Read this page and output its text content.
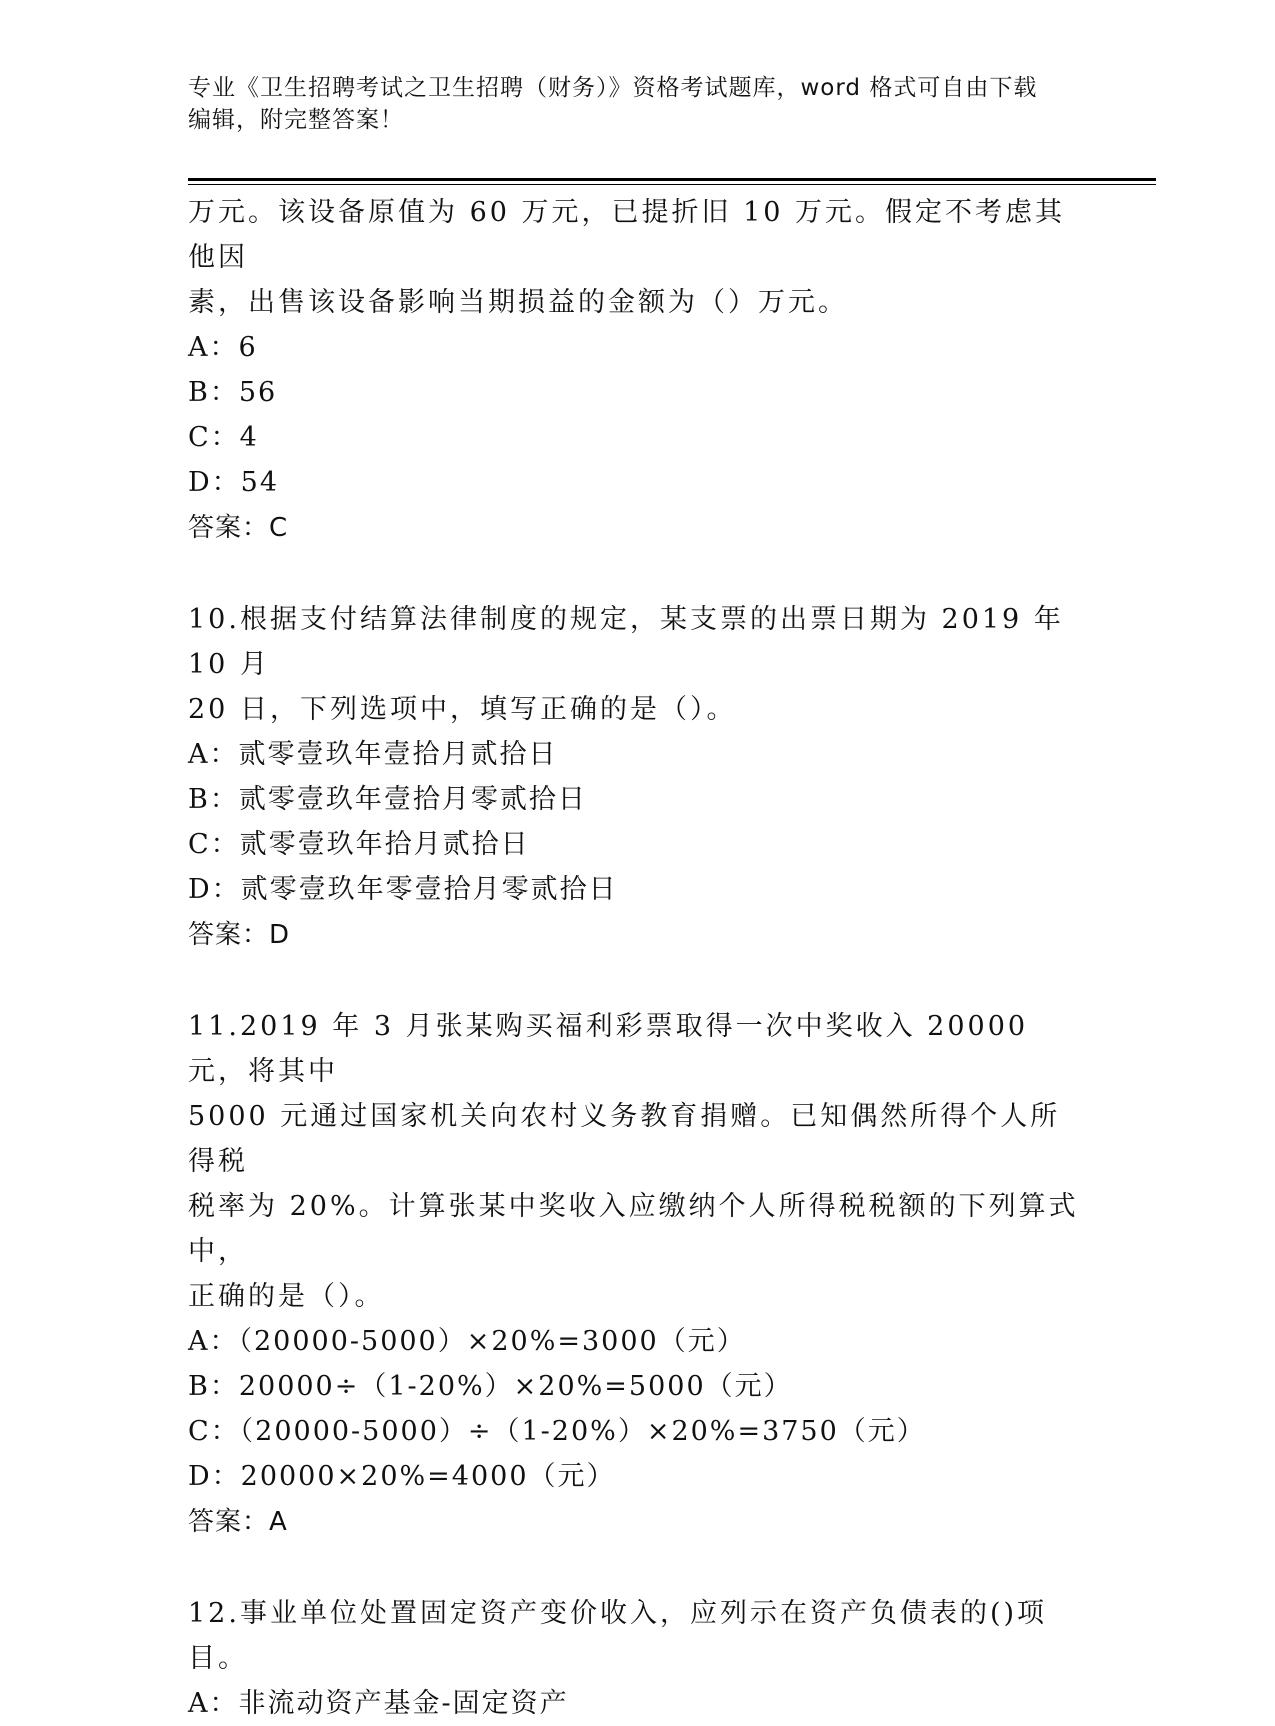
专业《卫生招聘考试之卫生招聘（财务）》资格考试题库，word 格式可自由下载
编辑，附完整答案！
万元。该设备原值为 60 万元，已提折旧 10 万元。假定不考虑其他因
素，出售该设备影响当期损益的金额为（）万元。
A：6
B：56
C：4
D：54
答案：C
10.根据支付结算法律制度的规定，某支票的出票日期为 2019 年 10 月
20 日，下列选项中，填写正确的是（）。
A：贰零壹玖年壹拾月贰拾日
B：贰零壹玖年壹拾月零贰拾日
C：贰零壹玖年拾月贰拾日
D：贰零壹玖年零壹拾月零贰拾日
答案：D
11.2019 年 3 月张某购买福利彩票取得一次中奖收入 20000 元，将其中
5000 元通过国家机关向农村义务教育捐赠。已知偶然所得个人所得税
税率为 20%。计算张某中奖收入应缴纳个人所得税税额的下列算式中，
正确的是（）。
A：（20000-5000）×20%=3000（元）
B：20000÷（1-20%）×20%=5000（元）
C：（20000-5000）÷（1-20%）×20%=3750（元）
D：20000×20%=4000（元）
答案：A
12.事业单位处置固定资产变价收入，应列示在资产负债表的()项目。
A：非流动资产基金-固定资产
